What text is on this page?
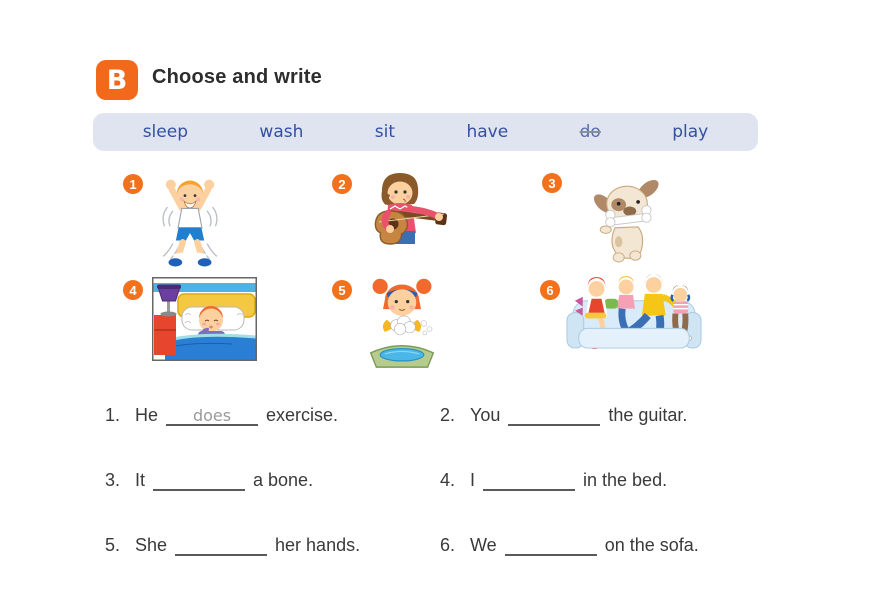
B	Choose and write
sleep	wash	sit	have	do	play
1	2	3
4	5	6
1. He	does	exercise.	2. You	the guitar.
3. It	a bone.	4. I	in the bed.
5. She	her hands.	6. We	on the sofa.
